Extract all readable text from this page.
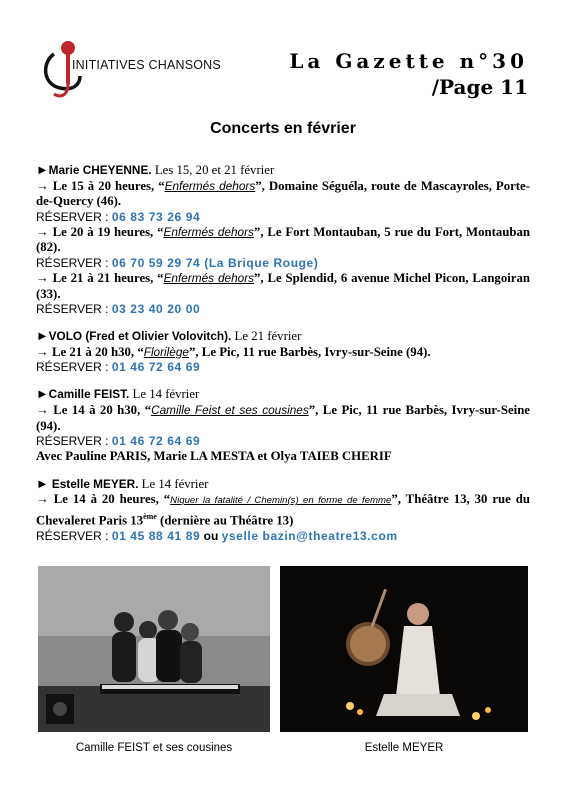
INITIATIVES CHANSONS	La Gazette n°30
/Page 11
Concerts en février
►Marie CHEYENNE. Les 15, 20 et 21 février
→ Le 15 à 20 heures, “Enfermés dehors”, Domaine Séguéla, route de Mascayroles, Porte-de-Quercy (46).
RÉSERVER : 06 83 73 26 94
→ Le 20 à 19 heures, “Enfermés dehors”, Le Fort Montauban, 5 rue du Fort, Montauban (82).
RÉSERVER : 06 70 59 29 74 (La Brique Rouge)
→ Le 21 à 21 heures, “Enfermés dehors”, Le Splendid, 6 avenue Michel Picon, Langoiran (33).
RÉSERVER : 03 23 40 20 00
►VOLO (Fred et Olivier Volovitch). Le 21 février
→ Le 21 à 20 h30, “Florilège”, Le Pic, 11 rue Barbès, Ivry-sur-Seine (94).
RÉSERVER : 01 46 72 64 69
►Camille FEIST. Le 14 février
→ Le 14 à 20 h30, “Camille Feist et ses cousines”, Le Pic, 11 rue Barbès, Ivry-sur-Seine (94).
RÉSERVER : 01 46 72 64 69
Avec Pauline PARIS, Marie LA MESTA et Olya TAIEB CHERIF
► Estelle MEYER. Le 14 février
→ Le 14 à 20 heures, “Niquer la fatalité / Chemin(s) en forme de femme”, Théâtre 13, 30 rue du Chevaleret Paris 13ème (dernière au Théâtre 13)
RÉSERVER : 01 45 88 41 89 ou yselle bazin@theatre13.com
Camille FEIST et ses cousines	Estelle MEYER
